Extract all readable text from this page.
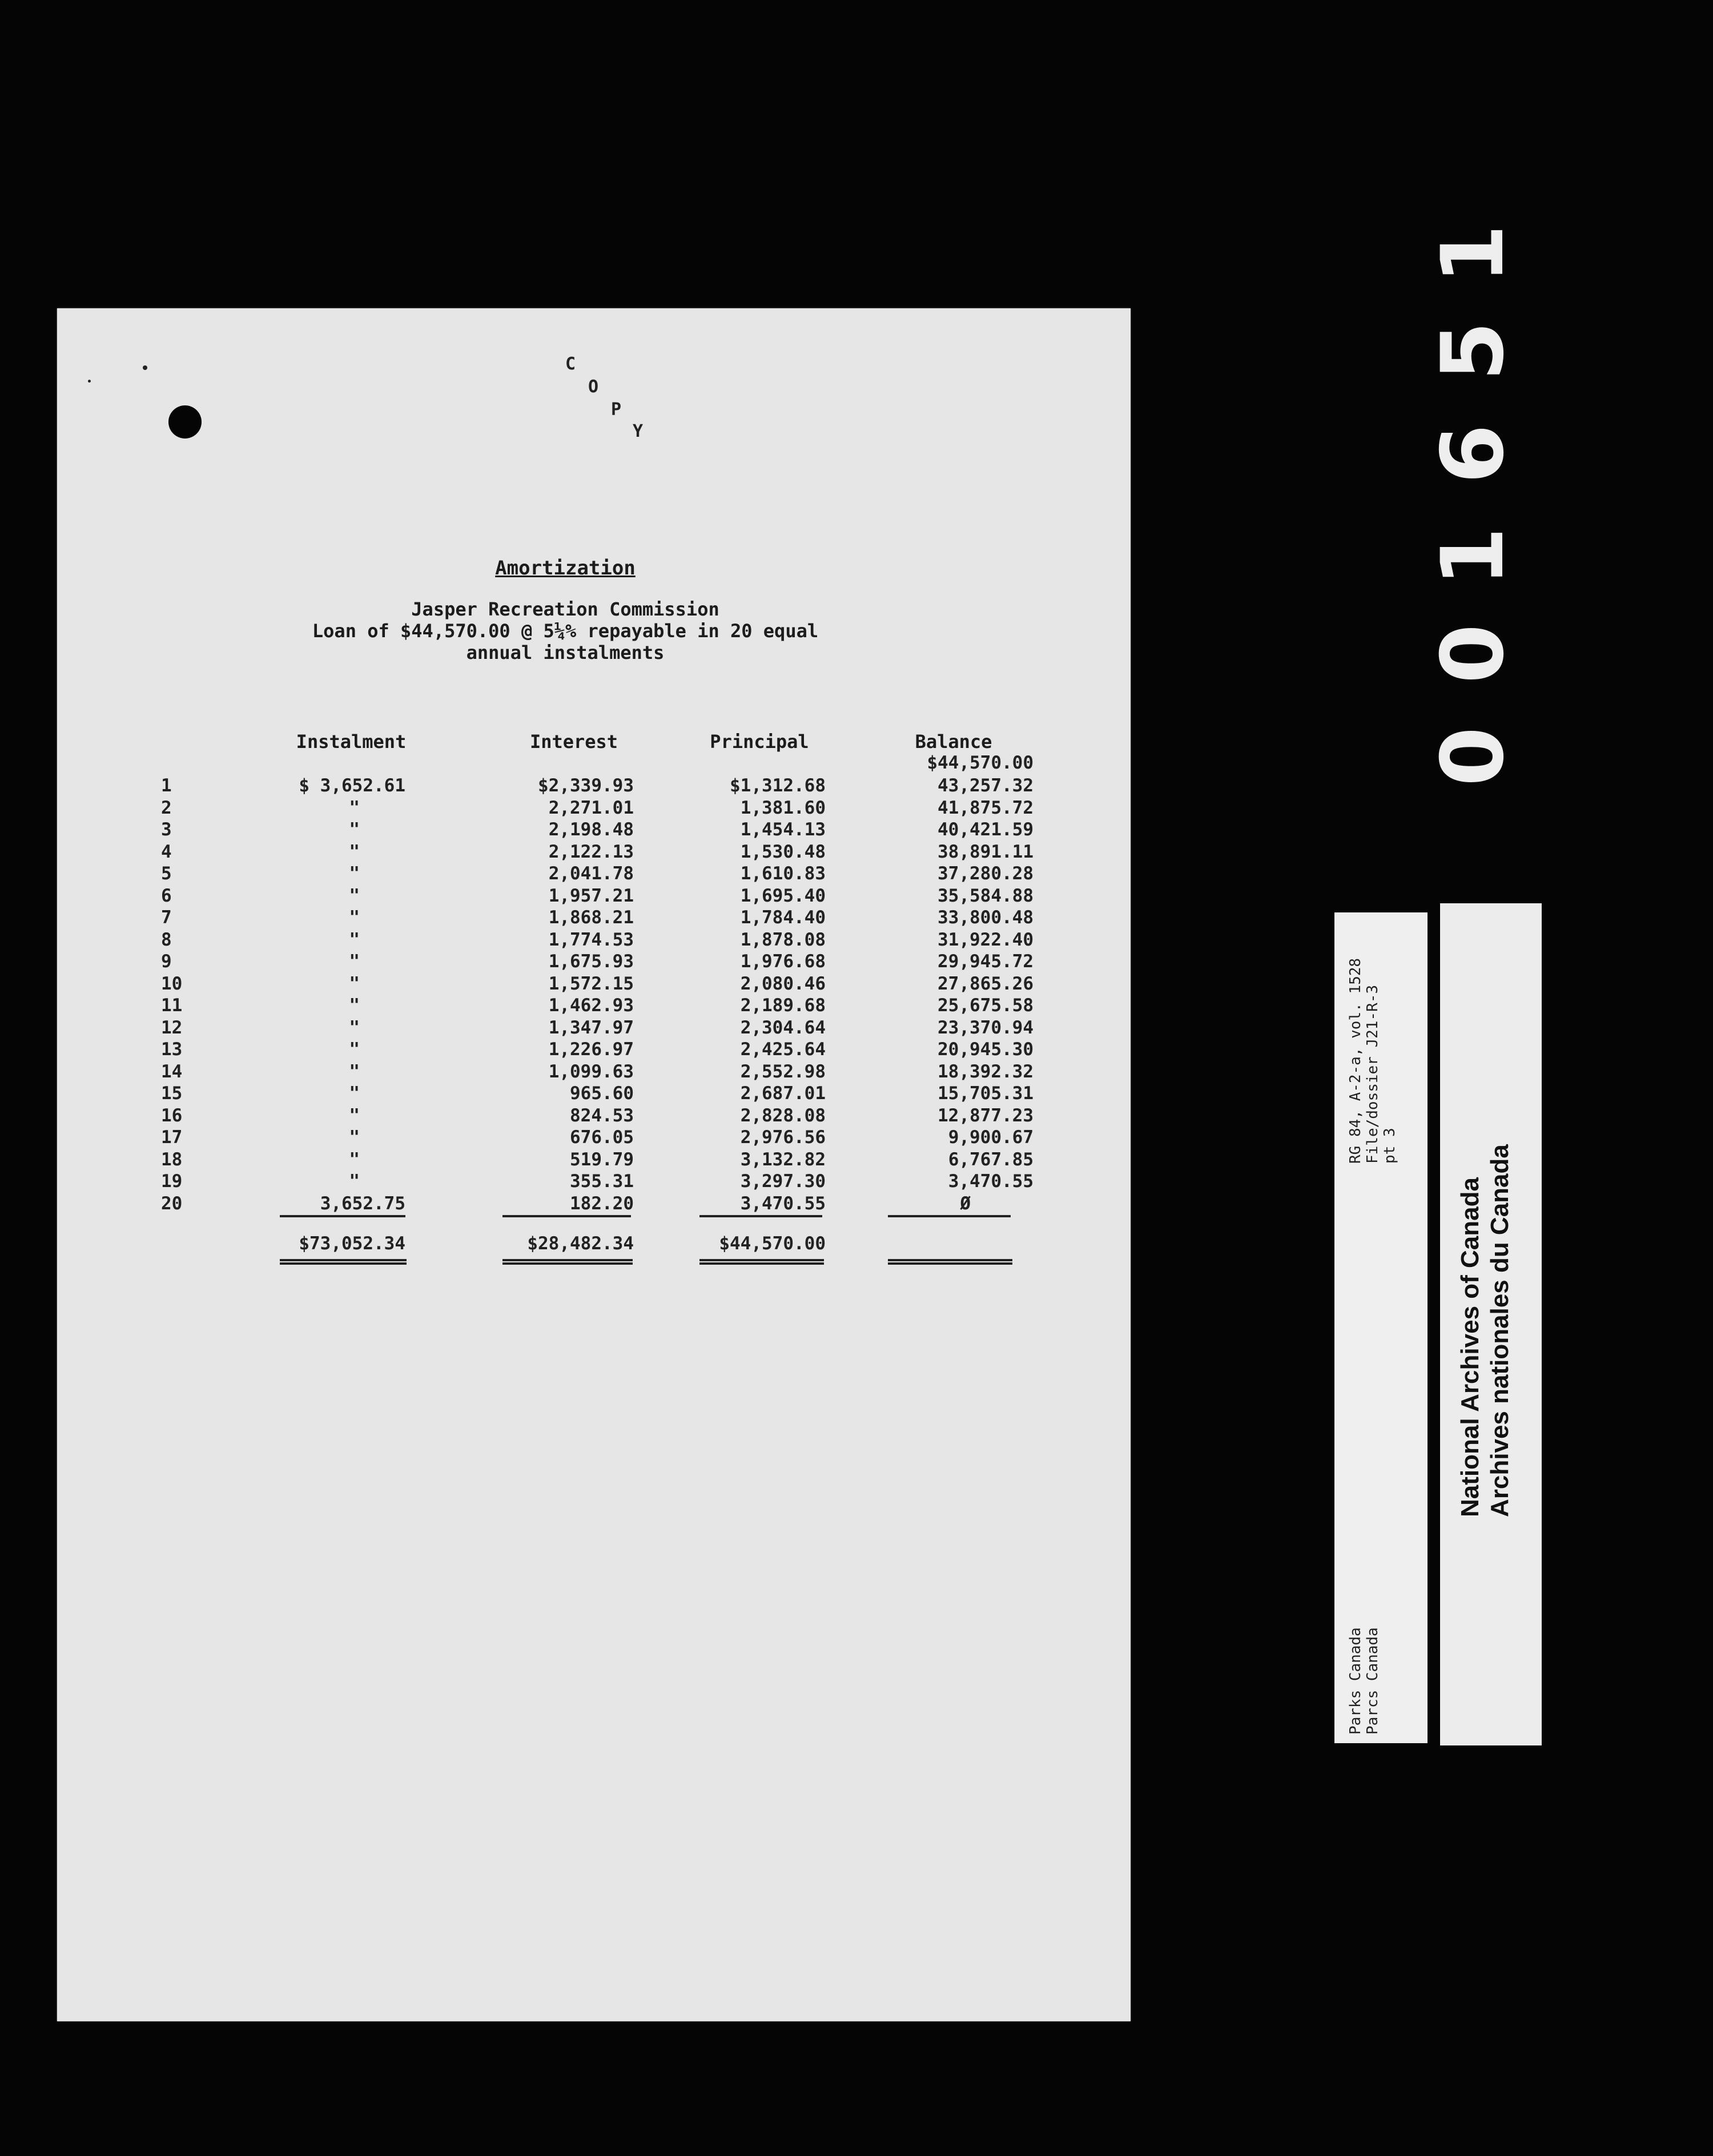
C
O
P
Y
Amortization
Jasper Recreation Commission
Loan of $44,570.00 @ 5¼% repayable in 20 equal
annual instalments
Instalment	Interest	Principal	Balance
$44,570.00
1	$ 3,652.61	$2,339.93	$1,312.68	43,257.32
2	"	2,271.01	1,381.60	41,875.72
3	"	2,198.48	1,454.13	40,421.59
4	"	2,122.13	1,530.48	38,891.11
5	"	2,041.78	1,610.83	37,280.28
6	"	1,957.21	1,695.40	35,584.88
7	"	1,868.21	1,784.40	33,800.48
8	"	1,774.53	1,878.08	31,922.40
9	"	1,675.93	1,976.68	29,945.72
10	"	1,572.15	2,080.46	27,865.26
11	"	1,462.93	2,189.68	25,675.58
12	"	1,347.97	2,304.64	23,370.94
13	"	1,226.97	2,425.64	20,945.30
14	"	1,099.63	2,552.98	18,392.32
15	"	965.60	2,687.01	15,705.31
16	"	824.53	2,828.08	12,877.23
17	"	676.05	2,976.56	9,900.67
18	"	519.79	3,132.82	6,767.85
19	"	355.31	3,297.30	3,470.55
20	3,652.75	182.20	3,470.55	Ø
$73,052.34	$28,482.34	$44,570.00
0
0
1
6
5
1
RG 84, A-2-a, vol. 1528 File/dossier J21-R-3 pt 3
Parks Canada Parcs Canada
National Archives of Canada Archives nationales du Canada
